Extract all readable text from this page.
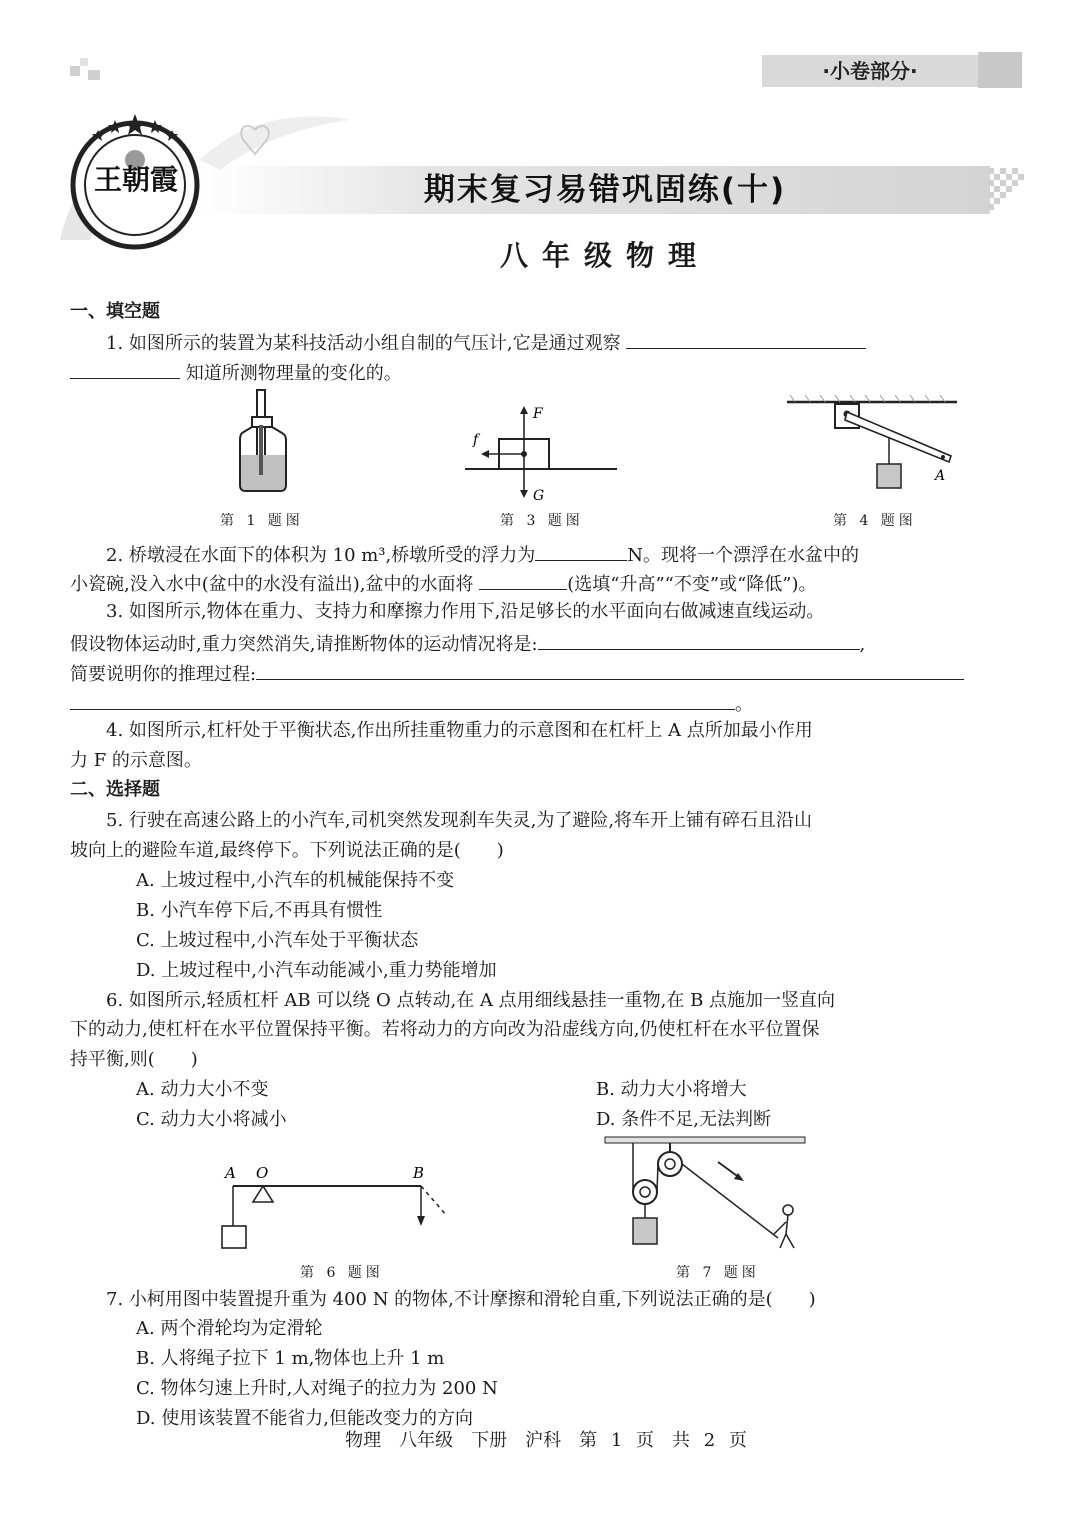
·小卷部分·
王朝霞	期末复习易错巩固练(十)
八年级物理
一、填空题
1. 如图所示的装置为某科技活动小组自制的气压计,它是通过观察
知道所测物理量的变化的。
第 1 题图
F
f
G
第 3 题图
A
第 4 题图
2. 桥墩浸在水面下的体积为 10 m³,桥墩所受的浮力为	N。现将一个漂浮在水盆中的
小瓷碗,没入水中(盆中的水没有溢出),盆中的水面将	(选填“升高”“不变”或“降低”)。
3. 如图所示,物体在重力、支持力和摩擦力作用下,沿足够长的水平面向右做减速直线运动。
假设物体运动时,重力突然消失,请推断物体的运动情况将是:	,
简要说明你的推理过程:
。
4. 如图所示,杠杆处于平衡状态,作出所挂重物重力的示意图和在杠杆上 A 点所加最小作用
力 F 的示意图。
二、选择题
5. 行驶在高速公路上的小汽车,司机突然发现刹车失灵,为了避险,将车开上铺有碎石且沿山
坡向上的避险车道,最终停下。下列说法正确的是(　　)
A. 上坡过程中,小汽车的机械能保持不变
B. 小汽车停下后,不再具有惯性
C. 上坡过程中,小汽车处于平衡状态
D. 上坡过程中,小汽车动能减小,重力势能增加
6. 如图所示,轻质杠杆 AB 可以绕 O 点转动,在 A 点用细线悬挂一重物,在 B 点施加一竖直向
下的动力,使杠杆在水平位置保持平衡。若将动力的方向改为沿虚线方向,仍使杠杆在水平位置保
持平衡,则(　　)
A. 动力大小不变	B. 动力大小将增大
C. 动力大小将减小	D. 条件不足,无法判断
A O	B
第 6 题图	第 7 题图
7. 小柯用图中装置提升重为 400 N 的物体,不计摩擦和滑轮自重,下列说法正确的是(　　)
A. 两个滑轮均为定滑轮
B. 人将绳子拉下 1 m,物体也上升 1 m
C. 物体匀速上升时,人对绳子的拉力为 200 N
D. 使用该装置不能省力,但能改变力的方向
物理　八年级　下册　沪科　第 1 页　共 2 页
